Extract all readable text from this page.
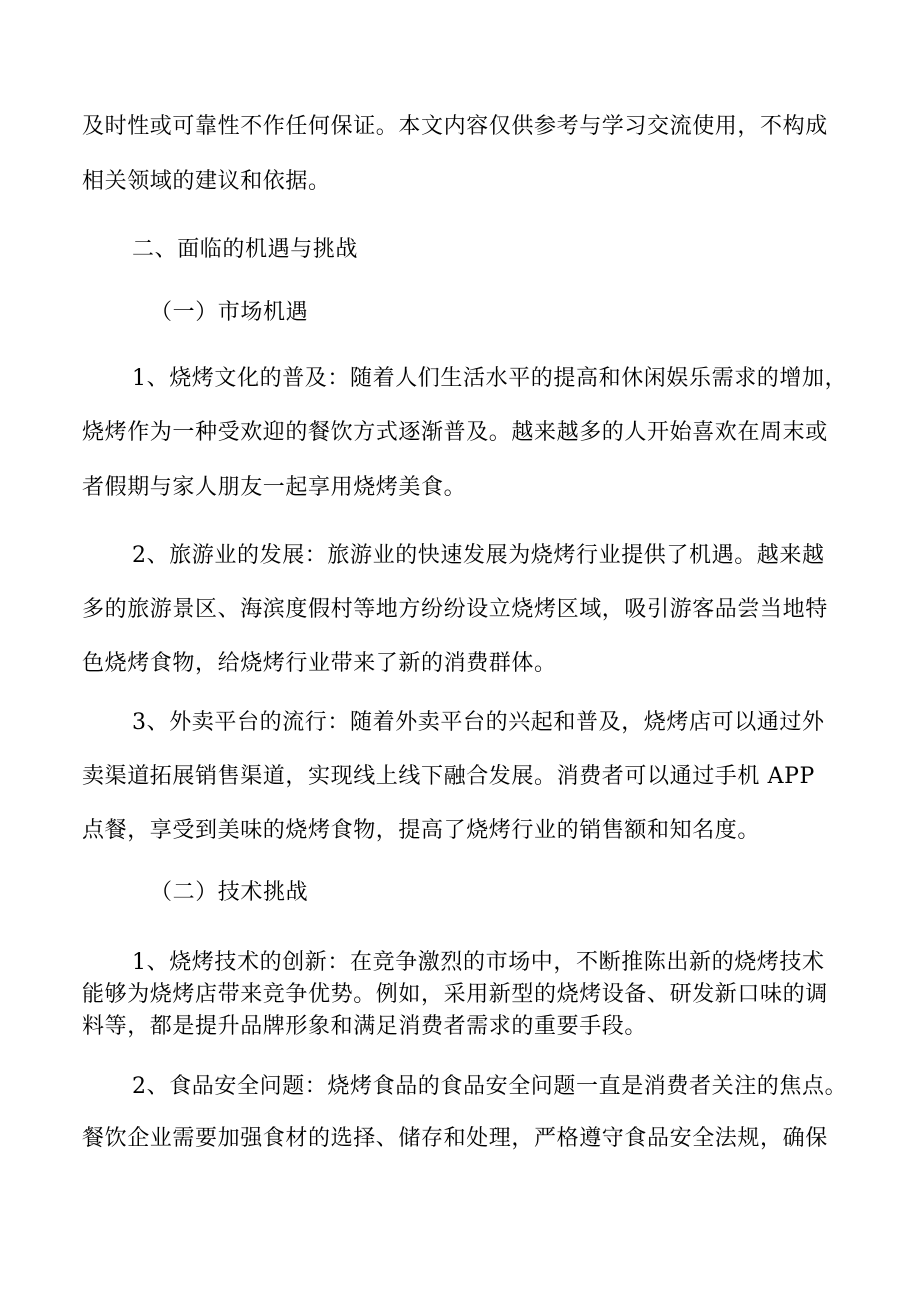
及时性或可靠性不作任何保证。本文内容仅供参考与学习交流使用，不构成
相关领域的建议和依据。
二、面临的机遇与挑战
（一）市场机遇
1、烧烤文化的普及：随着人们生活水平的提高和休闲娱乐需求的增加，
烧烤作为一种受欢迎的餐饮方式逐渐普及。越来越多的人开始喜欢在周末或
者假期与家人朋友一起享用烧烤美食。
2、旅游业的发展：旅游业的快速发展为烧烤行业提供了机遇。越来越
多的旅游景区、海滨度假村等地方纷纷设立烧烤区域，吸引游客品尝当地特
色烧烤食物，给烧烤行业带来了新的消费群体。
3、外卖平台的流行：随着外卖平台的兴起和普及，烧烤店可以通过外
卖渠道拓展销售渠道，实现线上线下融合发展。消费者可以通过手机 APP
点餐，享受到美味的烧烤食物，提高了烧烤行业的销售额和知名度。
（二）技术挑战
1、烧烤技术的创新：在竞争激烈的市场中，不断推陈出新的烧烤技术
能够为烧烤店带来竞争优势。例如，采用新型的烧烤设备、研发新口味的调
料等，都是提升品牌形象和满足消费者需求的重要手段。
2、食品安全问题：烧烤食品的食品安全问题一直是消费者关注的焦点。
餐饮企业需要加强食材的选择、储存和处理，严格遵守食品安全法规，确保
